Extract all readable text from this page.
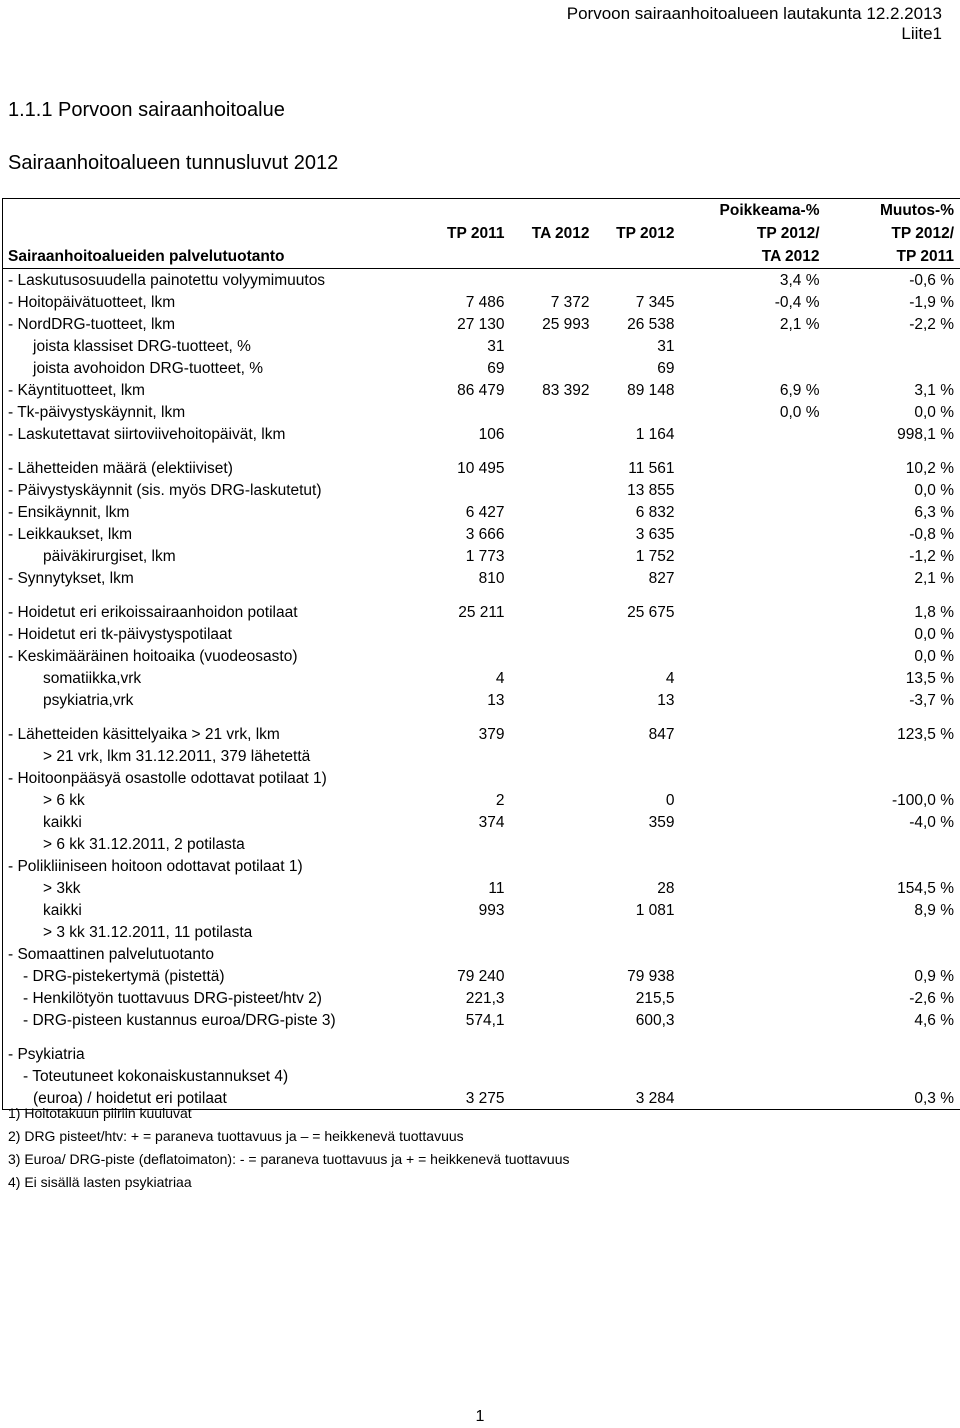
Porvoon sairaanhoitoalueen lautakunta 12.2.2013
Liite1
1.1.1 Porvoon sairaanhoitoalue
Sairaanhoitoalueen tunnusluvut 2012
				Poikkeama-%	Muutos-%
	TP 2011	TA 2012	TP 2012	TP 2012/	TP 2012/
Sairaanhoitoalueiden palvelutuotanto				TA 2012	TP 2011
- Laskutusosuudella painotettu volyymimuutos				3,4 %	-0,6 %
- Hoitopäivätuotteet, lkm	7 486	7 372	7 345	-0,4 %	-1,9 %
- NordDRG-tuotteet, lkm	27 130	25 993	26 538	2,1 %	-2,2 %
joista klassiset DRG-tuotteet, %	31		31		
joista avohoidon DRG-tuotteet, %	69		69		
- Käyntituotteet, lkm	86 479	83 392	89 148	6,9 %	3,1 %
- Tk-päivystyskäynnit, lkm				0,0 %	0,0 %
- Laskutettavat siirtoviivehoitopäivät, lkm	106		1 164		998,1 %

- Lähetteiden määrä (elektiiviset)	10 495		11 561		10,2 %
- Päivystyskäynnit (sis. myös DRG-laskutetut)			13 855		0,0 %
- Ensikäynnit, lkm	6 427		6 832		6,3 %
- Leikkaukset, lkm	3 666		3 635		-0,8 %
päiväkirurgiset, lkm	1 773		1 752		-1,2 %
- Synnytykset, lkm	810		827		2,1 %

- Hoidetut eri erikoissairaanhoidon potilaat	25 211		25 675		1,8 %
- Hoidetut eri tk-päivystyspotilaat					0,0 %
- Keskimääräinen hoitoaika (vuodeosasto)					0,0 %
somatiikka,vrk	4		4		13,5 %
psykiatria,vrk	13		13		-3,7 %

- Lähetteiden käsittelyaika > 21 vrk, lkm	379		847		123,5 %
> 21 vrk, lkm 31.12.2011, 379 lähetettä					
- Hoitoonpääsyä osastolle odottavat potilaat 1)					
> 6 kk	2		0		-100,0 %
kaikki	374		359		-4,0 %
> 6 kk 31.12.2011, 2 potilasta					
- Polikliiniseen hoitoon odottavat potilaat 1)					
> 3kk	11		28		154,5 %
kaikki	993		1 081		8,9 %
> 3 kk 31.12.2011, 11 potilasta					
- Somaattinen palvelutuotanto					
- DRG-pistekertymä (pistettä)	79 240		79 938		0,9 %
- Henkilötyön tuottavuus DRG-pisteet/htv 2)	221,3		215,5		-2,6 %
- DRG-pisteen kustannus euroa/DRG-piste 3)	574,1		600,3		4,6 %

- Psykiatria					
- Toteutuneet kokonaiskustannukset 4)					
(euroa) / hoidetut eri potilaat	3 275		3 284		0,3 %
1) Hoitotakuun piiriin kuuluvat
2) DRG pisteet/htv: + = paraneva tuottavuus ja – = heikkenevä tuottavuus
3) Euroa/ DRG-piste (deflatoimaton): - = paraneva tuottavuus ja + = heikkenevä tuottavuus
4) Ei sisällä lasten psykiatriaa
1
